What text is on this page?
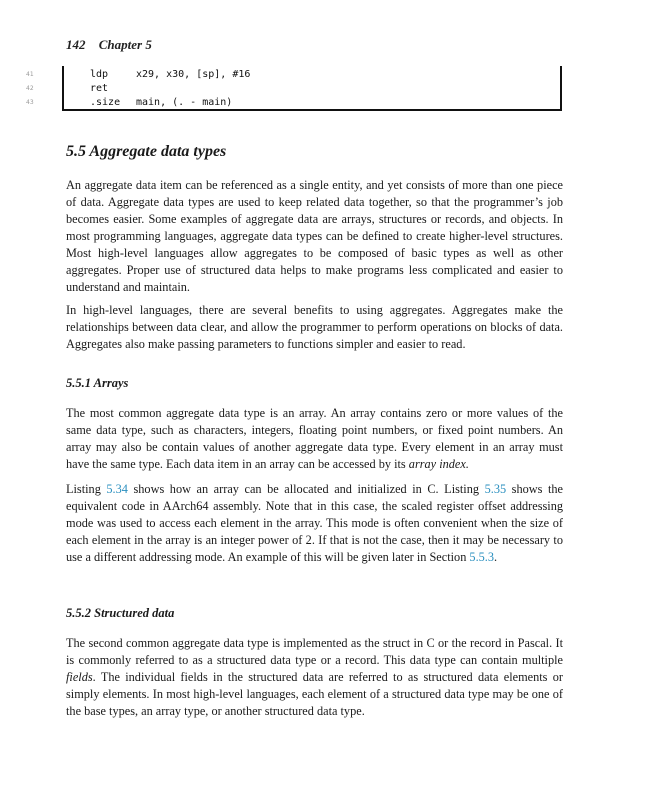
142 Chapter 5
41
42
43
ldp	x29, x30, [sp], #16
ret
.size main, (. - main)
5.5 Aggregate data types

An aggregate data item can be referenced as a single entity, and yet consists of more than one piece of data. Aggregate data types are used to keep related data together, so that the programmer’s job becomes easier. Some examples of aggregate data are arrays, structures or records, and objects. In most programming languages, aggregate data types can be defined to create higher-level structures. Most high-level languages allow aggregates to be composed of basic types as well as other aggregates. Proper use of structured data helps to make programs less complicated and easier to understand and maintain.

In high-level languages, there are several benefits to using aggregates. Aggregates make the relationships between data clear, and allow the programmer to perform operations on blocks of data. Aggregates also make passing parameters to functions simpler and easier to read.

5.5.1 Arrays

The most common aggregate data type is an array. An array contains zero or more values of the same data type, such as characters, integers, floating point numbers, or fixed point numbers. An array may also be contain values of another aggregate data type. Every element in an array must have the same type. Each data item in an array can be accessed by its array index.

Listing 5.34 shows how an array can be allocated and initialized in C. Listing 5.35 shows the equivalent code in AArch64 assembly. Note that in this case, the scaled register offset addressing mode was used to access each element in the array. This mode is often convenient when the size of each element in the array is an integer power of 2. If that is not the case, then it may be necessary to use a different addressing mode. An example of this will be given later in Section 5.5.3.

5.5.2 Structured data

The second common aggregate data type is implemented as the struct in C or the record in Pascal. It is commonly referred to as a structured data type or a record. This data type can contain multiple fields. The individual fields in the structured data are referred to as structured data elements or simply elements. In most high-level languages, each element of a structured data type may be one of the base types, an array type, or another structured data type.
